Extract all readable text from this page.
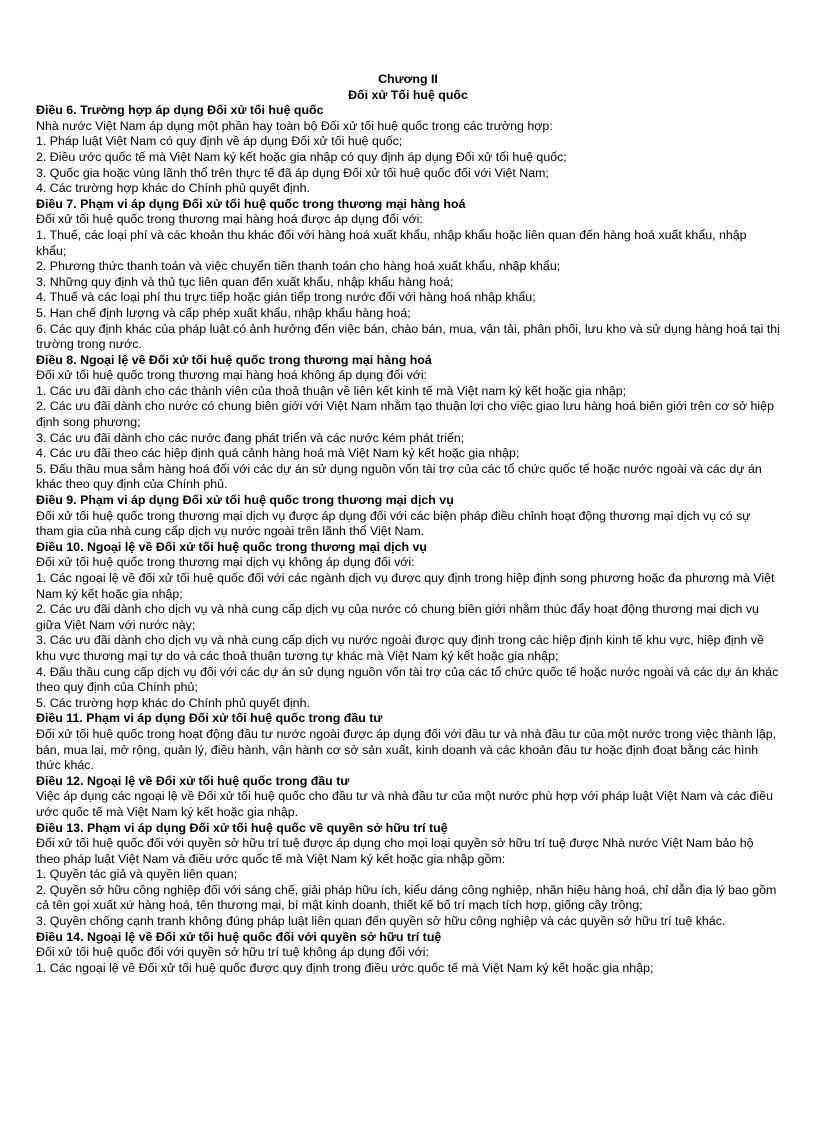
Chương II

Đối xử Tối huệ quốc

Điều 6. Trường hợp áp dụng Đối xử tối huệ quốc

Nhà nước Việt Nam áp dụng một phần hay toàn bộ Đối xử tối huệ quốc trong các trường hợp:

1. Pháp luật Việt Nam có quy định về áp dụng Đối xử tối huệ quốc;

2. Điều ước quốc tế mà Việt Nam ký kết hoặc gia nhập có quy định áp dụng Đối xử tối huệ quốc;

3. Quốc gia hoặc vùng lãnh thổ trên thực tế đã áp dụng Đối xử tối huệ quốc đối với Việt Nam;

4. Các trường hợp khác do Chính phủ quyết định.

Điều 7. Phạm vi áp dụng Đối xử tối huệ quốc trong thương mại hàng hoá

Đối xử tối huệ quốc trong thương mại hàng hoá được áp dụng đối với:

1. Thuế, các loại phí và các khoản thu khác đối với hàng hoá xuất khẩu, nhập khẩu hoặc liên quan đến hàng hoá xuất khẩu, nhập khẩu;

2. Phương thức thanh toán và việc chuyển tiền thanh toán cho hàng hoá xuất khẩu, nhập khẩu;

3. Những quy định và thủ tục liên quan đến xuất khẩu, nhập khẩu hàng hoá;

4. Thuế và các loại phí thu trực tiếp hoặc gián tiếp trong nước đối với hàng hoá nhập khẩu;

5. Hạn chế định lượng và cấp phép xuất khẩu, nhập khẩu hàng hoá;

6. Các quy định khác của pháp luật có ảnh hưởng đến việc bán, chào bán, mua, vận tải, phân phối, lưu kho và sử dụng hàng hoá tại thị trường trong nước.

Điều 8. Ngoại lệ về Đối xử tối huệ quốc trong thương mại hàng hoá

Đối xử tối huệ quốc trong thương mại hàng hoá không áp dụng đối với:

1. Các ưu đãi dành cho các thành viên của thoả thuận về liên kết kinh tế mà Việt nam ký kết hoặc gia nhập;

2. Các ưu đãi dành cho nước có chung biên giới với Việt Nam nhằm tạo thuận lợi cho việc giao lưu hàng hoá biên giới trên cơ sở hiệp định song phương;

3. Các ưu đãi dành cho các nước đang phát triển và các nước kém phát triển;

4. Các ưu đãi theo các hiệp định quá cảnh hàng hoá mà Việt Nam ký kết hoặc gia nhập;

5. Đấu thầu mua sắm hàng hoá đối với các dự án sử dụng nguồn vốn tài trợ của các tổ chức quốc tế hoặc nước ngoài và các dự án khác theo quy định của Chính phủ.

Điều 9. Phạm vi áp dụng Đối xử tối huệ quốc trong thương mại dịch vụ

Đối xử tối huệ quốc trong thương mại dịch vụ được áp dụng đối với các biện pháp điều chỉnh hoạt động thương mại dịch vụ có sự tham gia của nhà cung cấp dịch vụ nước ngoài trên lãnh thổ Việt Nam.

Điều 10. Ngoại lệ về Đối xử tối huệ quốc trong thương mại dịch vụ

Đối xử tối huệ quốc trong thương mại dịch vụ không áp dụng đối với:

1. Các ngoại lệ về đối xử tối huệ quốc đối với các ngành dịch vụ được quy định trong hiệp định song phương hoặc đa phương mà Việt Nam ký kết hoặc gia nhập;

2. Các ưu đãi dành cho dịch vụ và nhà cung cấp dịch vụ của nước có chung biên giới nhằm thúc đẩy hoạt động thương mại dịch vụ giữa Việt Nam với nước này;

3. Các ưu đãi dành cho dịch vụ và nhà cung cấp dịch vụ nước ngoài được quy định trong các hiệp định kinh tế khu vực, hiệp định về khu vực thương mại tự do và các thoả thuận tương tự khác mà Việt Nam ký kết hoặc gia nhập;

4. Đấu thầu cung cấp dịch vụ đối với các dự án sử dụng nguồn vốn tài trợ của các tổ chức quốc tế hoặc nước ngoài và các dự án khác theo quy định của Chính phủ;

5. Các trường hợp khác do Chính phủ quyết định.

Điều 11. Phạm vi áp dụng Đối xử tối huệ quốc trong đầu tư

Đối xử tối huệ quốc trong hoạt động đầu tư nước ngoài được áp dụng đối với đầu tư và nhà đầu tư của một nước trong việc thành lập, bán, mua lại, mở rộng, quản lý, điều hành, vận hành cơ sở sản xuất, kinh doanh và các khoản đầu tư hoặc định đoạt bằng các hình thức khác.

Điều 12. Ngoại lệ về Đối xử tối huệ quốc trong đầu tư

Việc áp dụng các ngoại lệ về Đối xử tối huệ quốc cho đầu tư và nhà đầu tư của một nước phù hợp với pháp luật Việt Nam và các điều ước quốc tế mà Việt Nam ký kết hoặc gia nhập.

Điều 13. Phạm vi áp dụng Đối xử tối huệ quốc về quyền sở hữu trí tuệ

Đối xử tối huệ quốc đối với quyền sở hữu trí tuệ được áp dụng cho mọi loại quyền sở hữu trí tuệ được Nhà nước Việt Nam bảo hộ theo pháp luật Việt Nam và điều ước quốc tế mà Việt Nam ký kết hoặc gia nhập gồm:

1. Quyền tác giả và quyền liên quan;

2. Quyền sở hữu công nghiệp đối với sáng chế, giải pháp hữu ích, kiểu dáng công nghiệp, nhãn hiệu hàng hoá, chỉ dẫn địa lý bao gồm cả tên gọi xuất xứ hàng hoá, tên thương mại, bí mật kinh doanh, thiết kế bố trí mạch tích hợp, giống cây trồng;

3. Quyền chống cạnh tranh không đúng pháp luật liên quan đến quyền sở hữu công nghiệp và các quyền sở hữu trí tuệ khác.

Điều 14. Ngoại lệ về Đối xử tối huệ quốc đối với quyền sở hữu trí tuệ

Đối xử tối huệ quốc đối với quyền sở hữu trí tuệ không áp dụng đối với:

1. Các ngoại lệ về Đối xử tối huệ quốc được quy định trong điều ước quốc tế mà Việt Nam ký kết hoặc gia nhập;
